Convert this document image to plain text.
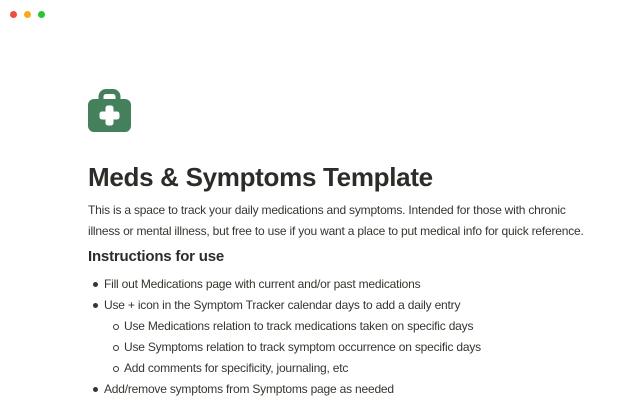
Meds & Symptoms Template
This is a space to track your daily medications and symptoms. Intended for those with chronic
illness or mental illness, but free to use if you want a place to put medical info for quick reference.
Instructions for use
Fill out Medications page with current and/or past medications
Use + icon in the Symptom Tracker calendar days to add a daily entry
Use Medications relation to track medications taken on specific days
Use Symptoms relation to track symptom occurrence on specific days
Add comments for specificity, journaling, etc
Add/remove symptoms from Symptoms page as needed
